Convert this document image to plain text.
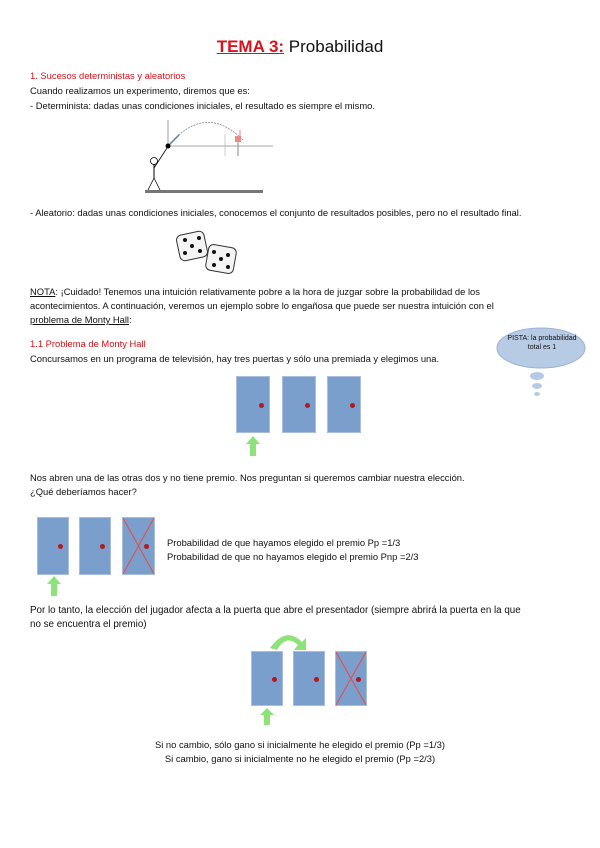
TEMA 3: Probabilidad
1. Sucesos deterministas y aleatorios
Cuando realizamos un experimento, diremos que es:
- Determinista: dadas unas condiciones iniciales, el resultado es siempre el mismo.
- Aleatorio: dadas unas condiciones iniciales, conocemos el conjunto de resultados posibles, pero no el resultado final.
NOTA: ¡Cuidado! Tenemos una intuición relativamente pobre a la hora de juzgar sobre la probabilidad de los
acontecimientos. A continuación, veremos un ejemplo sobre lo engañosa que puede ser nuestra intuición con el
problema de Monty Hall:
1.1 Problema de Monty Hall
Concursamos en un programa de televisión, hay tres puertas y sólo una premiada y elegimos una.
PISTA: la probabilidad total es 1
Nos abren una de las otras dos y no tiene premio. Nos preguntan si queremos cambiar nuestra elección.
¿Qué deberíamos hacer?
Probabilidad de que hayamos elegido el premio Pp =1/3
Probabilidad de que no hayamos elegido el premio Pnp =2/3
Por lo tanto, la elección del jugador afecta a la puerta que abre el presentador (siempre abrirá la puerta en la que
no se encuentra el premio)
Si no cambio, sólo gano si inicialmente he elegido el premio (Pp =1/3)
Si cambio, gano si inicialmente no he elegido el premio (Pp =2/3)
